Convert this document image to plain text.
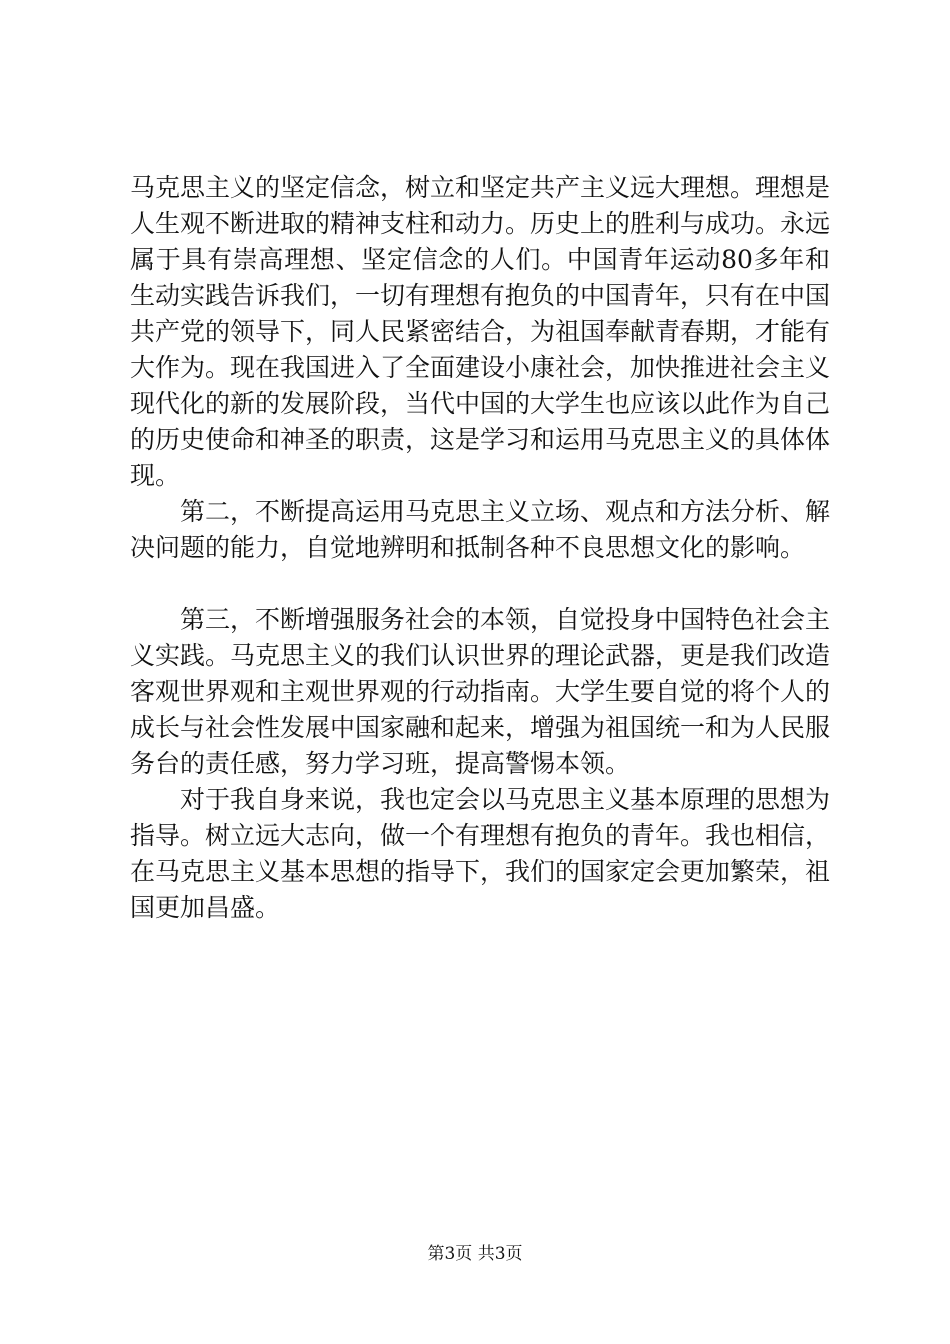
马克思主义的坚定信念，树立和坚定共产主义远大理想。理想是人生观不断进取的精神支柱和动力。历史上的胜利与成功。永远属于具有崇高理想、坚定信念的人们。中国青年运动80多年和生动实践告诉我们，一切有理想有抱负的中国青年，只有在中国共产党的领导下，同人民紧密结合，为祖国奉献青春期，才能有大作为。现在我国进入了全面建设小康社会，加快推进社会主义现代化的新的发展阶段，当代中国的大学生也应该以此作为自己的历史使命和神圣的职责，这是学习和运用马克思主义的具体体现。

第二，不断提高运用马克思主义立场、观点和方法分析、解决问题的能力，自觉地辨明和抵制各种不良思想文化的影响。

第三，不断增强服务社会的本领，自觉投身中国特色社会主义实践。马克思主义的我们认识世界的理论武器，更是我们改造客观世界观和主观世界观的行动指南。大学生要自觉的将个人的成长与社会性发展中国家融和起来，增强为祖国统一和为人民服务台的责任感，努力学习班，提高警惕本领。

对于我自身来说，我也定会以马克思主义基本原理的思想为指导。树立远大志向，做一个有理想有抱负的青年。我也相信，在马克思主义基本思想的指导下，我们的国家定会更加繁荣，祖国更加昌盛。

第3页 共3页
